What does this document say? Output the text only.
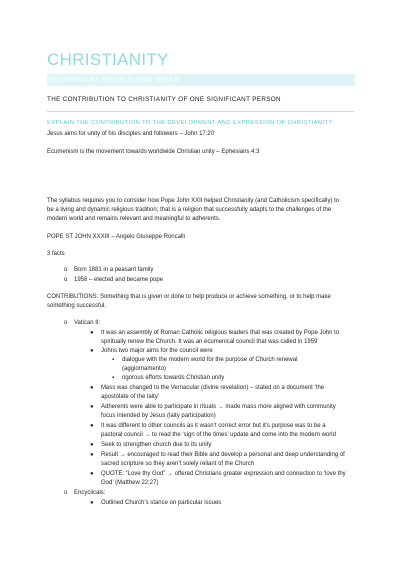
CHRISTIANITY
SIGNIFICANT PEOPLE AND IDEAS
THE CONTRIBUTION TO CHRISTIANITY OF ONE SIGNIFICANT PERSON
EXPLAIN THE CONTRIBUTION TO THE DEVELOPMENT AND EXPRESSION OF CHRISTIANITY
Jesus aims for unity of his disciples and followers – John 17:20
Ecumenism is the movement towards worldwide Christian unity – Ephesians 4:3
The syllabus requires you to consider how Pope John XXII helped Christianity (and Catholicism specifically) to
be a living and dynamic religious tradition; that is a religion that successfully adapts to the challenges of the
modern world and remains relevant and meaningful to adherents.
POPE ST JOHN XXXIII – Angelo Giuseppe Roncalli
3 facts
o Born 1881 in a peasant family
o 1958 – elected and became pope
CONTRIBUTIONS: Something that is given or done to help produce or achieve something, or to help make
something successful.
o Vatican II:
● It was an assembly of Roman Catholic religious leaders that was created by Pope John to
spiritually renew the Church. It was an ecumenical council that was called in 1959
● Johns two major aims for the council were
▪ dialogue with the modern world for the purpose of Church renewal
(aggiornamento)
▪ rigorous efforts towards Christian unity
● Mass was changed to the Vernacular (divine revelation) – stated on a document ‘the
apostolate of the laity’
● Adherents were able to participate in rituals → made mass more aligned with community
focus intended by Jesus (laity participation)
● It was different to other councils as it wasn’t correct error but it’s purpose was to be a
pastoral council → to read the ‘sign of the times’ update and come into the modern world
● Seek to strengthen church due to its unity
● Result → encouraged to read their Bible and develop a personal and deep understanding of
sacred scripture so they aren’t solely reliant of the Church
● QUOTE: “Love thy God” → offered Christians greater expression and connection to ‘love thy
God’ (Matthew 22:27)
o Encyclicals:
● Outlined Church’s stance on particular issues
